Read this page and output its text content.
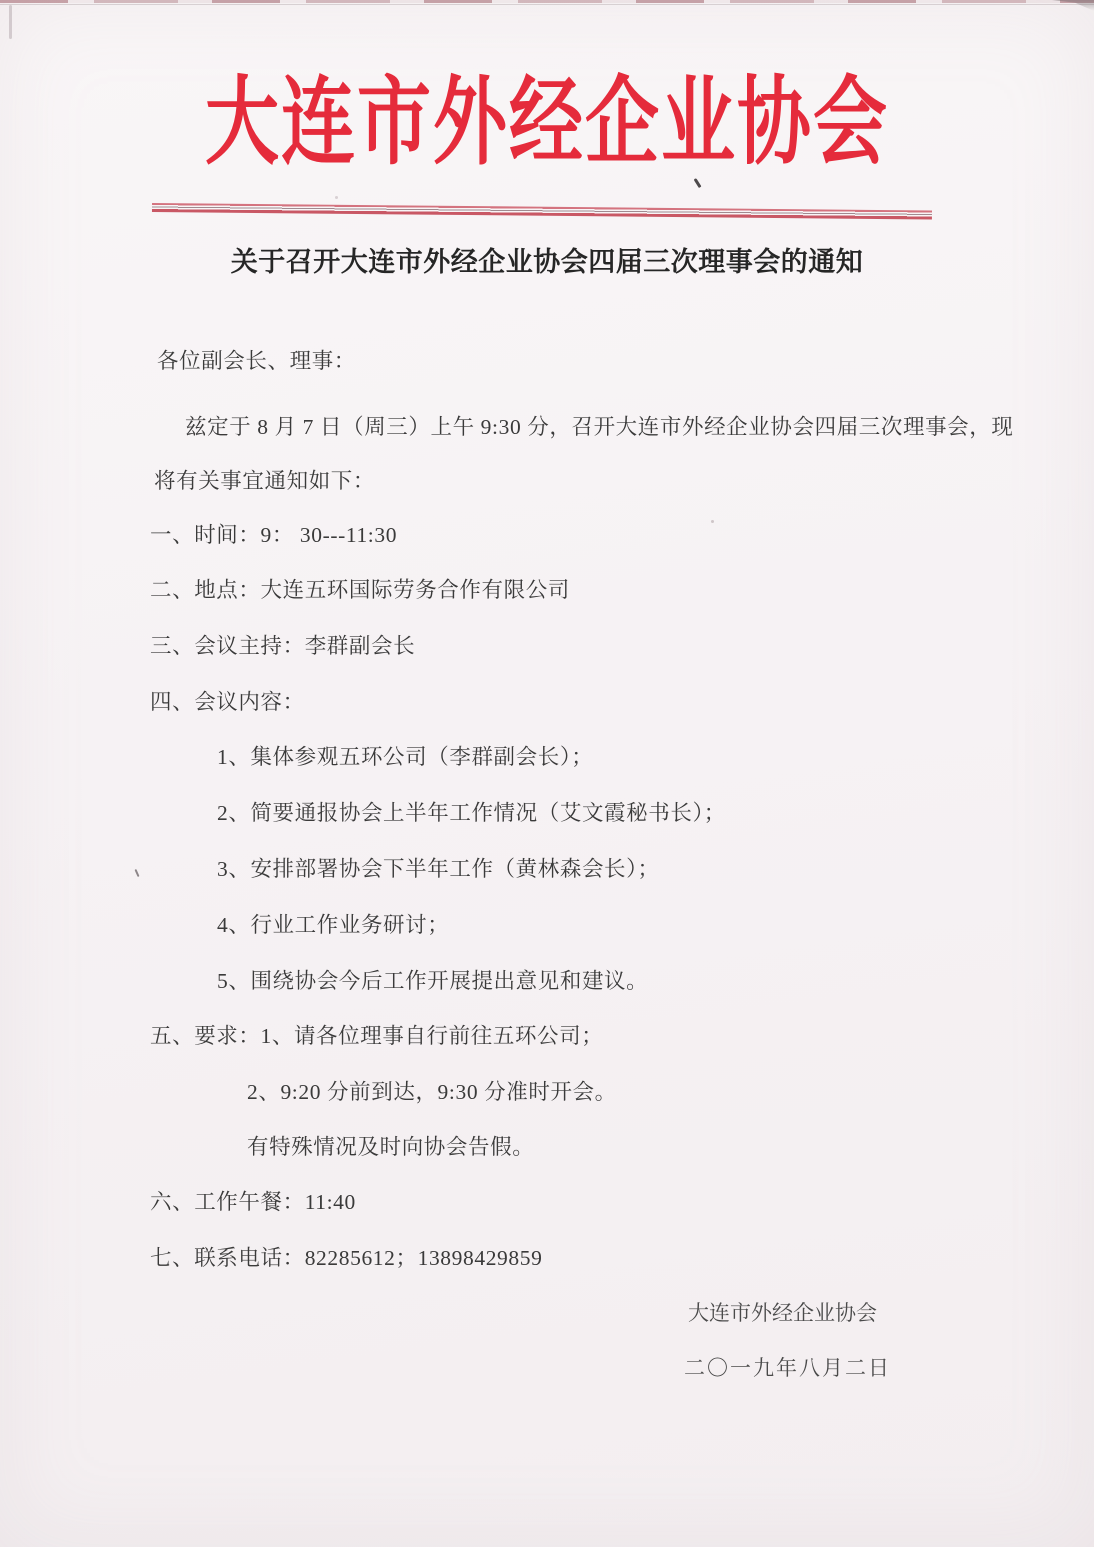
大连市外经企业协会
关于召开大连市外经企业协会四届三次理事会的通知
各位副会长、理事：
兹定于 8 月 7 日（周三）上午 9:30 分，召开大连市外经企业协会四届三次理事会，现
将有关事宜通知如下：
一、时间：9： 30---11:30
二、地点：大连五环国际劳务合作有限公司
三、会议主持：李群副会长
四、会议内容：
1、集体参观五环公司（李群副会长）；
2、简要通报协会上半年工作情况（艾文霞秘书长）；
3、安排部署协会下半年工作（黄林森会长）；
4、行业工作业务研讨；
5、围绕协会今后工作开展提出意见和建议。
五、要求：1、请各位理事自行前往五环公司；
2、9:20 分前到达，9:30 分准时开会。
有特殊情况及时向协会告假。
六、工作午餐：11:40
七、联系电话：82285612；13898429859
大连市外经企业协会
二〇一九年八月二日
